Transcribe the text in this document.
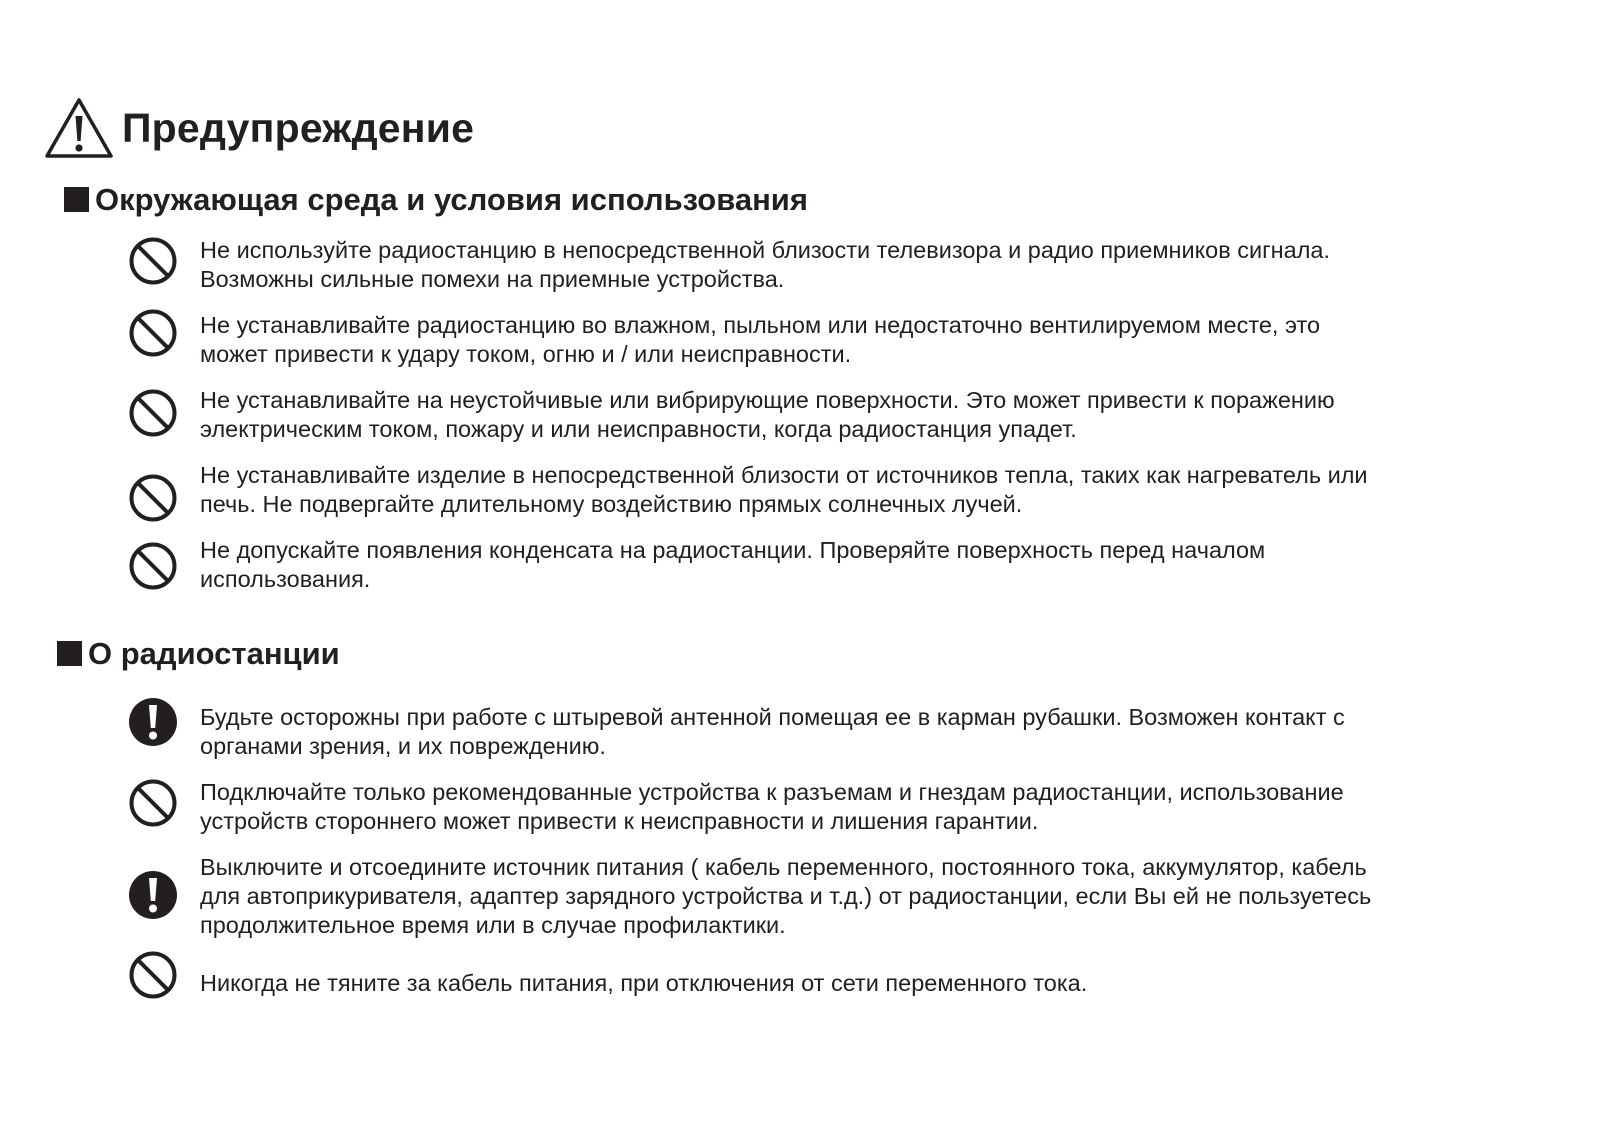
Предупреждение
Окружающая среда и условия использования
Не используйте радиостанцию в непосредственной близости телевизора и радио приемников сигнала.
Возможны сильные помехи на приемные устройства.
Не устанавливайте радиостанцию во влажном, пыльном или недостаточно вентилируемом месте, это
может привести к удару током, огню и / или неисправности.
Не устанавливайте на неустойчивые или вибрирующие поверхности. Это может привести к поражению
электрическим током, пожару и или неисправности, когда радиостанция упадет.
Не устанавливайте изделие в непосредственной близости от источников тепла, таких как нагреватель или
печь. Не подвергайте длительному воздействию прямых солнечных лучей.
Не допускайте появления конденсата на радиостанции. Проверяйте поверхность перед началом
использования.
О радиостанции
Будьте осторожны при работе с штыревой антенной помещая ее в карман рубашки. Возможен контакт с
органами зрения, и их повреждению.
Подключайте только рекомендованные устройства к разъемам и гнездам радиостанции, использование
устройств стороннего может привести к неисправности и лишения гарантии.
Выключите и отсоедините источник питания ( кабель переменного, постоянного тока, аккумулятор, кабель
для автоприкуривателя, адаптер зарядного устройства и т.д.) от радиостанции, если Вы ей не пользуетесь
продолжительное время или в случае профилактики.
Никогда не тяните за кабель питания, при отключения от сети переменного тока.
